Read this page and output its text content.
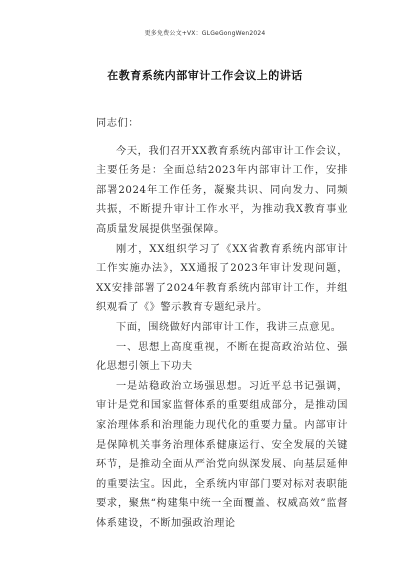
更多免费公文+VX：GLGeGongWen2024
在教育系统内部审计工作会议上的讲话

同志们：

今天，我们召开XX教育系统内部审计工作会议，主要任务是：全面总结2023年内部审计工作，安排部署2024年工作任务，凝聚共识、同向发力、同频共振，不断提升审计工作水平，为推动我X教育事业高质量发展提供坚强保障。

刚才，XX组织学习了《XX省教育系统内部审计工作实施办法》，XX通报了2023年审计发现问题，XX安排部署了2024年教育系统内部审计工作，并组织观看了《》警示教育专题纪录片。

下面，围绕做好内部审计工作，我讲三点意见。

一、思想上高度重视，不断在提高政治站位、强化思想引领上下功夫

一是站稳政治立场强思想。习近平总书记强调，审计是党和国家监督体系的重要组成部分，是推动国家治理体系和治理能力现代化的重要力量。内部审计是保障机关事务治理体系健康运行、安全发展的关键环节，是推动全面从严治党向纵深发展、向基层延伸的重要法宝。因此，全系统内审部门要对标对表职能要求，聚焦“构建集中统一全面覆盖、权威高效”监督体系建设，不断加强政治理论
